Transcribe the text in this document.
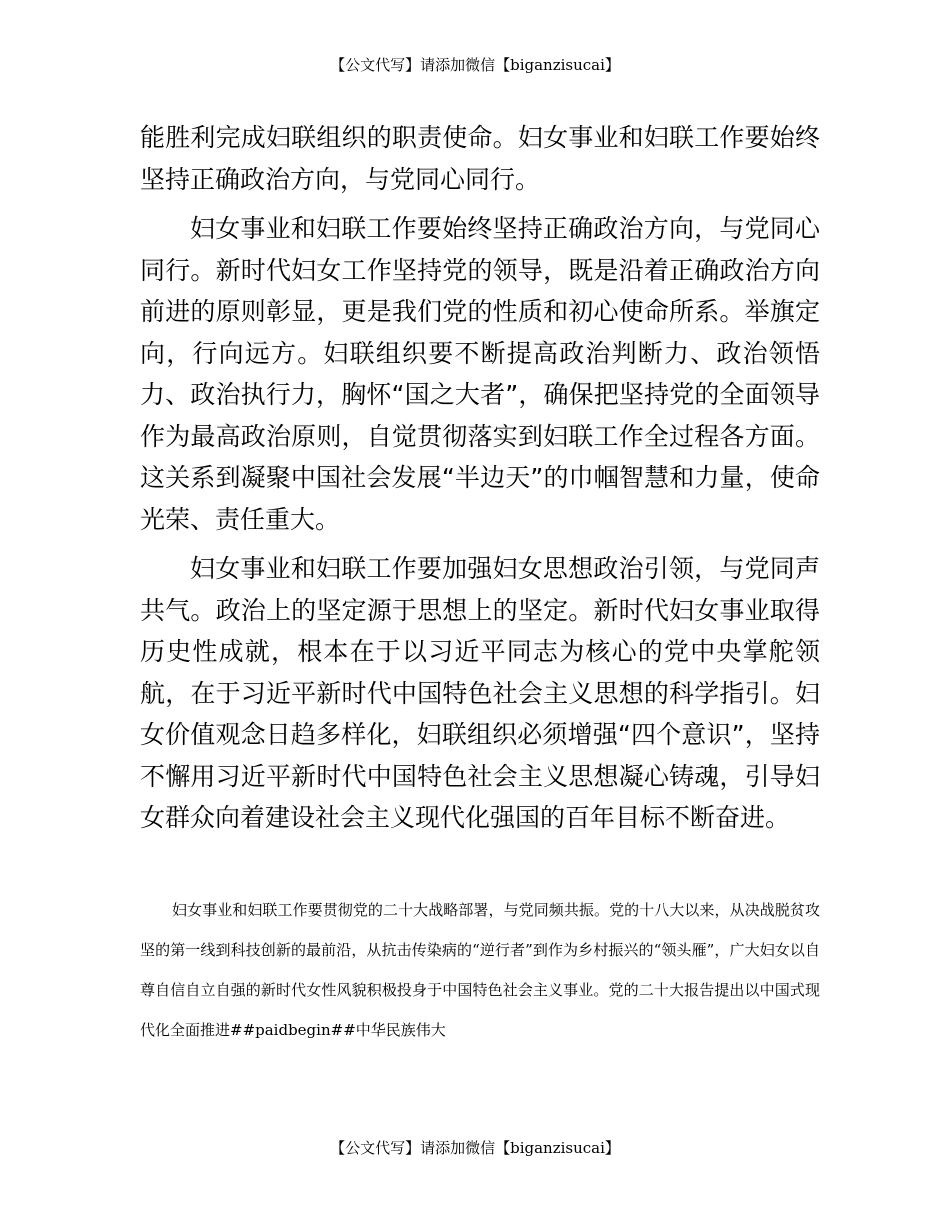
【公文代写】请添加微信【biganzisucai】

能胜利完成妇联组织的职责使命。妇女事业和妇联工作要始终坚持正确政治方向，与党同心同行。

妇女事业和妇联工作要始终坚持正确政治方向，与党同心同行。新时代妇女工作坚持党的领导，既是沿着正确政治方向前进的原则彰显，更是我们党的性质和初心使命所系。举旗定向，行向远方。妇联组织要不断提高政治判断力、政治领悟力、政治执行力，胸怀“国之大者”，确保把坚持党的全面领导作为最高政治原则，自觉贯彻落实到妇联工作全过程各方面。这关系到凝聚中国社会发展“半边天”的巾帼智慧和力量，使命光荣、责任重大。

妇女事业和妇联工作要加强妇女思想政治引领，与党同声共气。政治上的坚定源于思想上的坚定。新时代妇女事业取得历史性成就，根本在于以习近平同志为核心的党中央掌舵领航，在于习近平新时代中国特色社会主义思想的科学指引。妇女价值观念日趋多样化，妇联组织必须增强“四个意识”，坚持不懈用习近平新时代中国特色社会主义思想凝心铸魂，引导妇女群众向着建设社会主义现代化强国的百年目标不断奋进。

妇女事业和妇联工作要贯彻党的二十大战略部署，与党同频共振。党的十八大以来，从决战脱贫攻坚的第一线到科技创新的最前沿，从抗击传染病的“逆行者”到作为乡村振兴的“领头雁”，广大妇女以自尊自信自立自强的新时代女性风貌积极投身于中国特色社会主义事业。党的二十大报告提出以中国式现代化全面推进##paidbegin##中华民族伟大

【公文代写】请添加微信【biganzisucai】
